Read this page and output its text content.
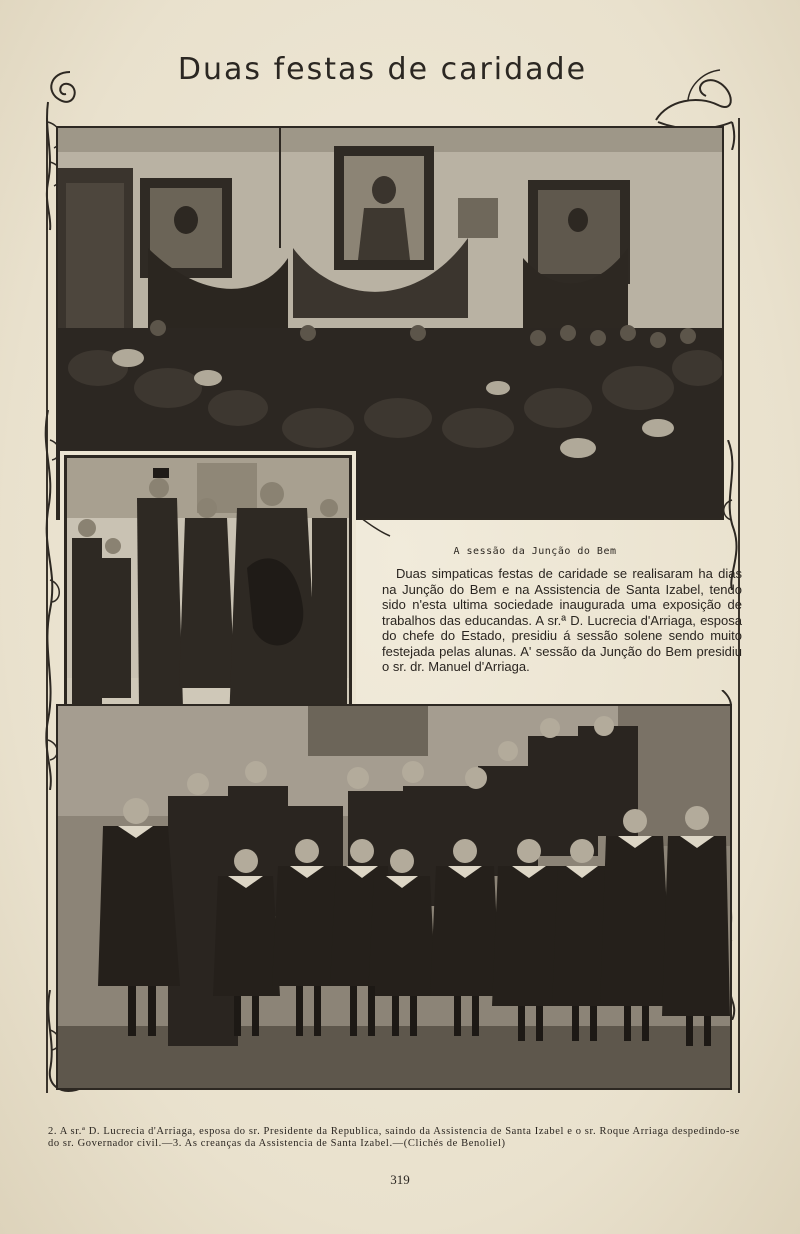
Duas festas de caridade
A sessão da Junção do Bem

Duas simpaticas festas de caridade se realisaram ha dias na Junção do Bem e na Assistencia de Santa Izabel, tendo sido n'esta ultima sociedade inaugurada uma exposição de trabalhos das educandas. A sr.ª D. Lucrecia d'Arriaga, esposa do chefe do Estado, presidiu á sessão solene sendo muito festejada pelas alunas. A' sessão da Junção do Bem presidiu o sr. dr. Manuel d'Arriaga.

2. A sr.ª D. Lucrecia d'Arriaga, esposa do sr. Presidente da Republica, saindo da Assistencia de Santa Izabel e o sr. Roque Arriaga despedindo-se do sr. Governador civil.—3. As creanças da Assistencia de Santa Izabel.—(Clichés de Benoliel)
319
